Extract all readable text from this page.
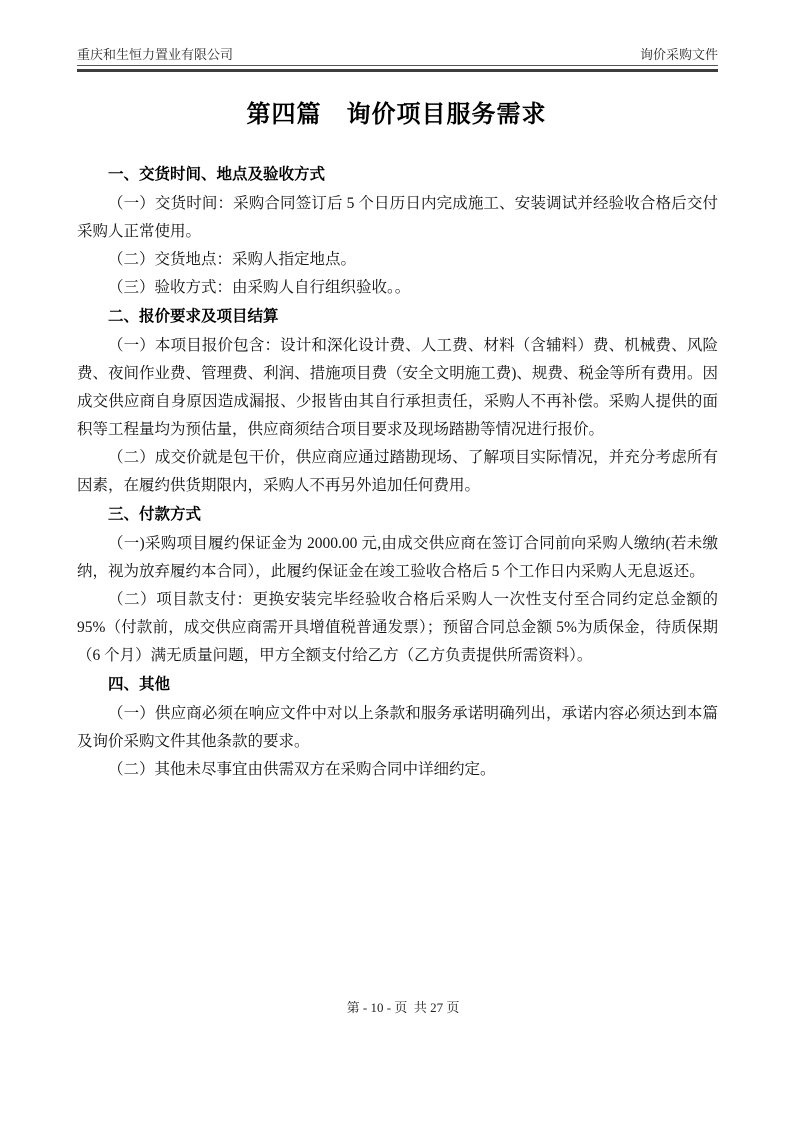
重庆和生恒力置业有限公司	询价采购文件
第四篇　询价项目服务需求
一、交货时间、地点及验收方式

（一）交货时间：采购合同签订后 5 个日历日内完成施工、安装调试并经验收合格后交付采购人正常使用。

（二）交货地点：采购人指定地点。

（三）验收方式：由采购人自行组织验收。。

二、报价要求及项目结算

（一）本项目报价包含：设计和深化设计费、人工费、材料（含辅料）费、机械费、风险费、夜间作业费、管理费、利润、措施项目费（安全文明施工费)、规费、税金等所有费用。因成交供应商自身原因造成漏报、少报皆由其自行承担责任，采购人不再补偿。采购人提供的面积等工程量均为预估量，供应商须结合项目要求及现场踏勘等情况进行报价。

（二）成交价就是包干价，供应商应通过踏勘现场、了解项目实际情况，并充分考虑所有因素，在履约供货期限内，采购人不再另外追加任何费用。

三、付款方式

（一)采购项目履约保证金为 2000.00 元,由成交供应商在签订合同前向采购人缴纳(若未缴纳，视为放弃履约本合同），此履约保证金在竣工验收合格后 5 个工作日内采购人无息返还。

（二）项目款支付：更换安装完毕经验收合格后采购人一次性支付至合同约定总金额的 95%（付款前，成交供应商需开具增值税普通发票）；预留合同总金额 5%为质保金，待质保期（6 个月）满无质量问题，甲方全额支付给乙方（乙方负责提供所需资料）。

四、其他

（一）供应商必须在响应文件中对以上条款和服务承诺明确列出，承诺内容必须达到本篇及询价采购文件其他条款的要求。

（二）其他未尽事宜由供需双方在采购合同中详细约定。

第 - 10 - 页  共 27 页
